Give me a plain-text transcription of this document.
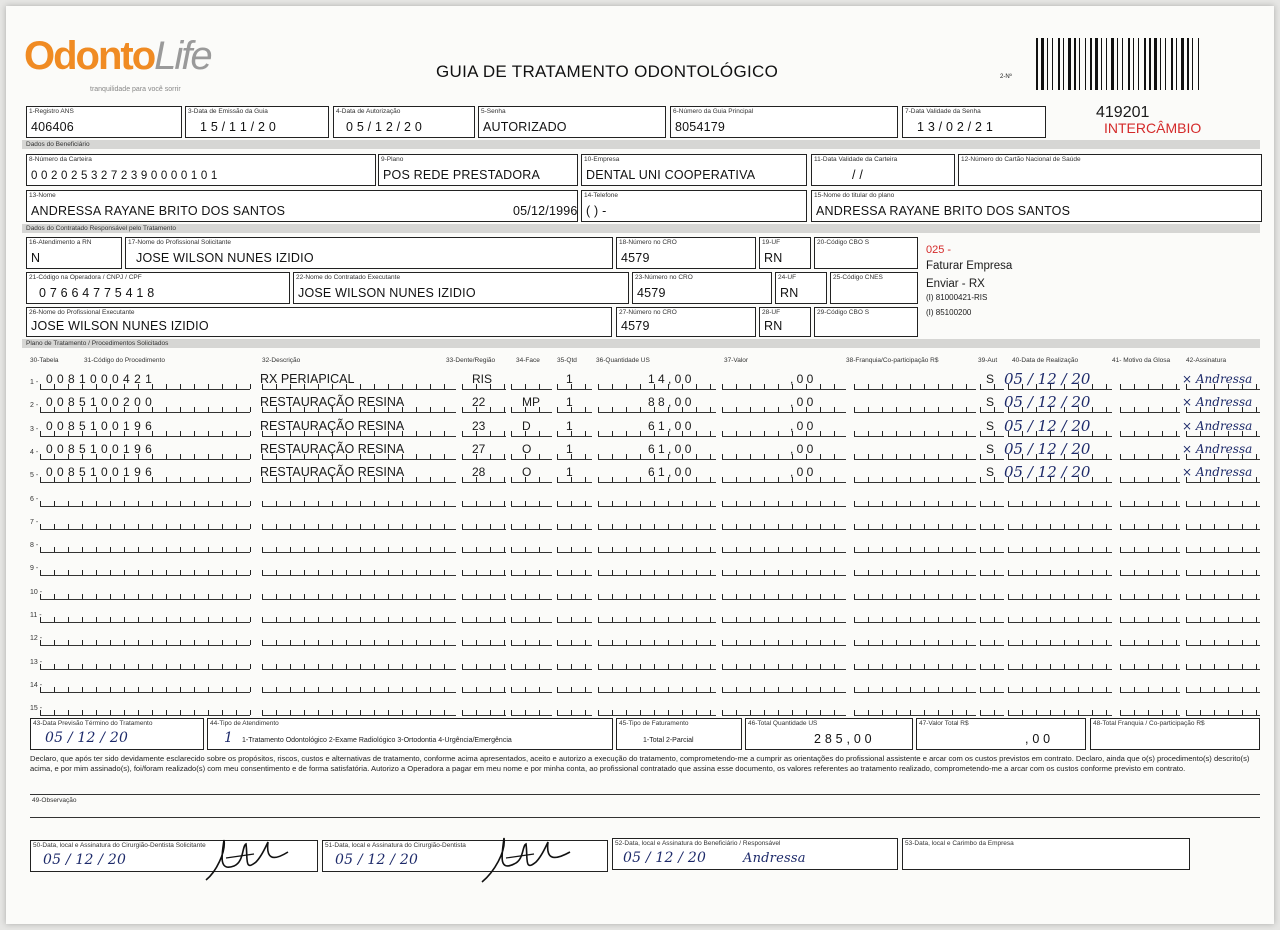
OdontoLife
tranquilidade para você sorrir
GUIA DE TRATAMENTO ODONTOLÓGICO	2-Nº
419201
INTERCÂMBIO
1-Registro ANS
406406
3-Data de Emissão da Guia
1 5 / 1 1 / 2 0
4-Data de Autorização
0 5 / 1 2 / 2 0
5-Senha
AUTORIZADO
6-Número da Guia Principal
8054179
7-Data Validade da Senha
1 3 / 0 2 / 2 1
Dados do Beneficiário
8-Número da Carteira
0 0 2 0 2 5 3 2 7 2 3 9 0 0 0 0 1 0 1
9-Plano
POS REDE PRESTADORA
10-Empresa
DENTAL UNI COOPERATIVA
11-Data Validade da Carteira
/ /
12-Número do Cartão Nacional de Saúde
13-Nome
ANDRESSA RAYANE BRITO DOS SANTOS	05/12/1996
14-Telefone
( ) -
15-Nome do titular do plano
ANDRESSA RAYANE BRITO DOS SANTOS
Dados do Contratado Responsável pelo Tratamento
16-Atendimento a RN
N
17-Nome do Profissional Solicitante
JOSE WILSON NUNES IZIDIO
18-Número no CRO
4579
19-UF
RN
20-Código CBO S
21-Código na Operadora / CNPJ / CPF
0 7 6 6 4 7 7 5 4 1 8
22-Nome do Contratado Executante
JOSE WILSON NUNES IZIDIO
23-Número no CRO
4579
24-UF
RN
25-Código CNES
26-Nome do Profissional Executante
JOSE WILSON NUNES IZIDIO
27-Número no CRO
4579
28-UF
RN
29-Código CBO S
025 -
Faturar Empresa
Enviar - RX
(I) 81000421-RIS
(I) 85100200
Plano de Tratamento / Procedimentos Solicitados
30-Tabela	31-Código do Procedimento	32-Descrição	33-Dente/Região	34-Face	35-Qtd	36-Quantidade US	37-Valor	38-Franquia/Co-participação R$	39-Aut 40-Data de Realização	41- Motivo da Glosa 42-Assinatura
1 - 0 0 8 1 0 0 0 4 2 1	RX PERIAPICAL	RIS	1	1 4 , 0 0	, 0 0	S 05 / 12 / 20	× Andressa
2 - 0 0 8 5 1 0 0 2 0 0	RESTAURAÇÃO RESINA	22	MP 1	8 8 , 0 0	, 0 0	S 05 / 12 / 20	× Andressa
3 - 0 0 8 5 1 0 0 1 9 6	RESTAURAÇÃO RESINA	23	D	1	6 1 , 0 0	, 0 0	S 05 / 12 / 20	× Andressa
4 - 0 0 8 5 1 0 0 1 9 6	RESTAURAÇÃO RESINA	27	O	1	6 1 , 0 0	, 0 0	S 05 / 12 / 20	× Andressa
5 - 0 0 8 5 1 0 0 1 9 6	RESTAURAÇÃO RESINA	28	O	1	6 1 , 0 0	, 0 0	S 05 / 12 / 20	× Andressa
6 -
7 -
8 -
9 -
10 -
11 -
12 -
13 -
14 -
15 -
43-Data Previsão Término do Tratamento
05 / 12 / 20
44-Tipo de Atendimento
1 1-Tratamento Odontológico 2-Exame Radiológico 3-Ortodontia 4-Urgência/Emergência
45-Tipo de Faturamento
1-Total 2-Parcial
46-Total Quantidade US
2 8 5 , 0 0
47-Valor Total R$
, 0 0
48-Total Franquia / Co-participação R$
Declaro, que após ter sido devidamente esclarecido sobre os propósitos, riscos, custos e alternativas de tratamento, conforme acima apresentados, aceito e autorizo a execução do tratamento, comprometendo-me a cumprir as orientações do profissional assistente e arcar com os custos previstos em contrato. Declaro, ainda que o(s) procedimento(s) descrito(s) acima, e por mim assinado(s), foi/foram realizado(s) com meu consentimento e de forma satisfatória. Autorizo a Operadora a pagar em meu nome e por minha conta, ao profissional contratado que assina esse documento, os valores referentes ao tratamento realizado, comprometendo-me a arcar com os custos conforme previsto em contrato.
49-Observação
50-Data, local e Assinatura do Cirurgião-Dentista Solicitante
05 / 12 / 20
51-Data, local e Assinatura do Cirurgião-Dentista
05 / 12 / 20
52-Data, local e Assinatura do Beneficiário / Responsável
05 / 12 / 20	Andressa
53-Data, local e Carimbo da Empresa
